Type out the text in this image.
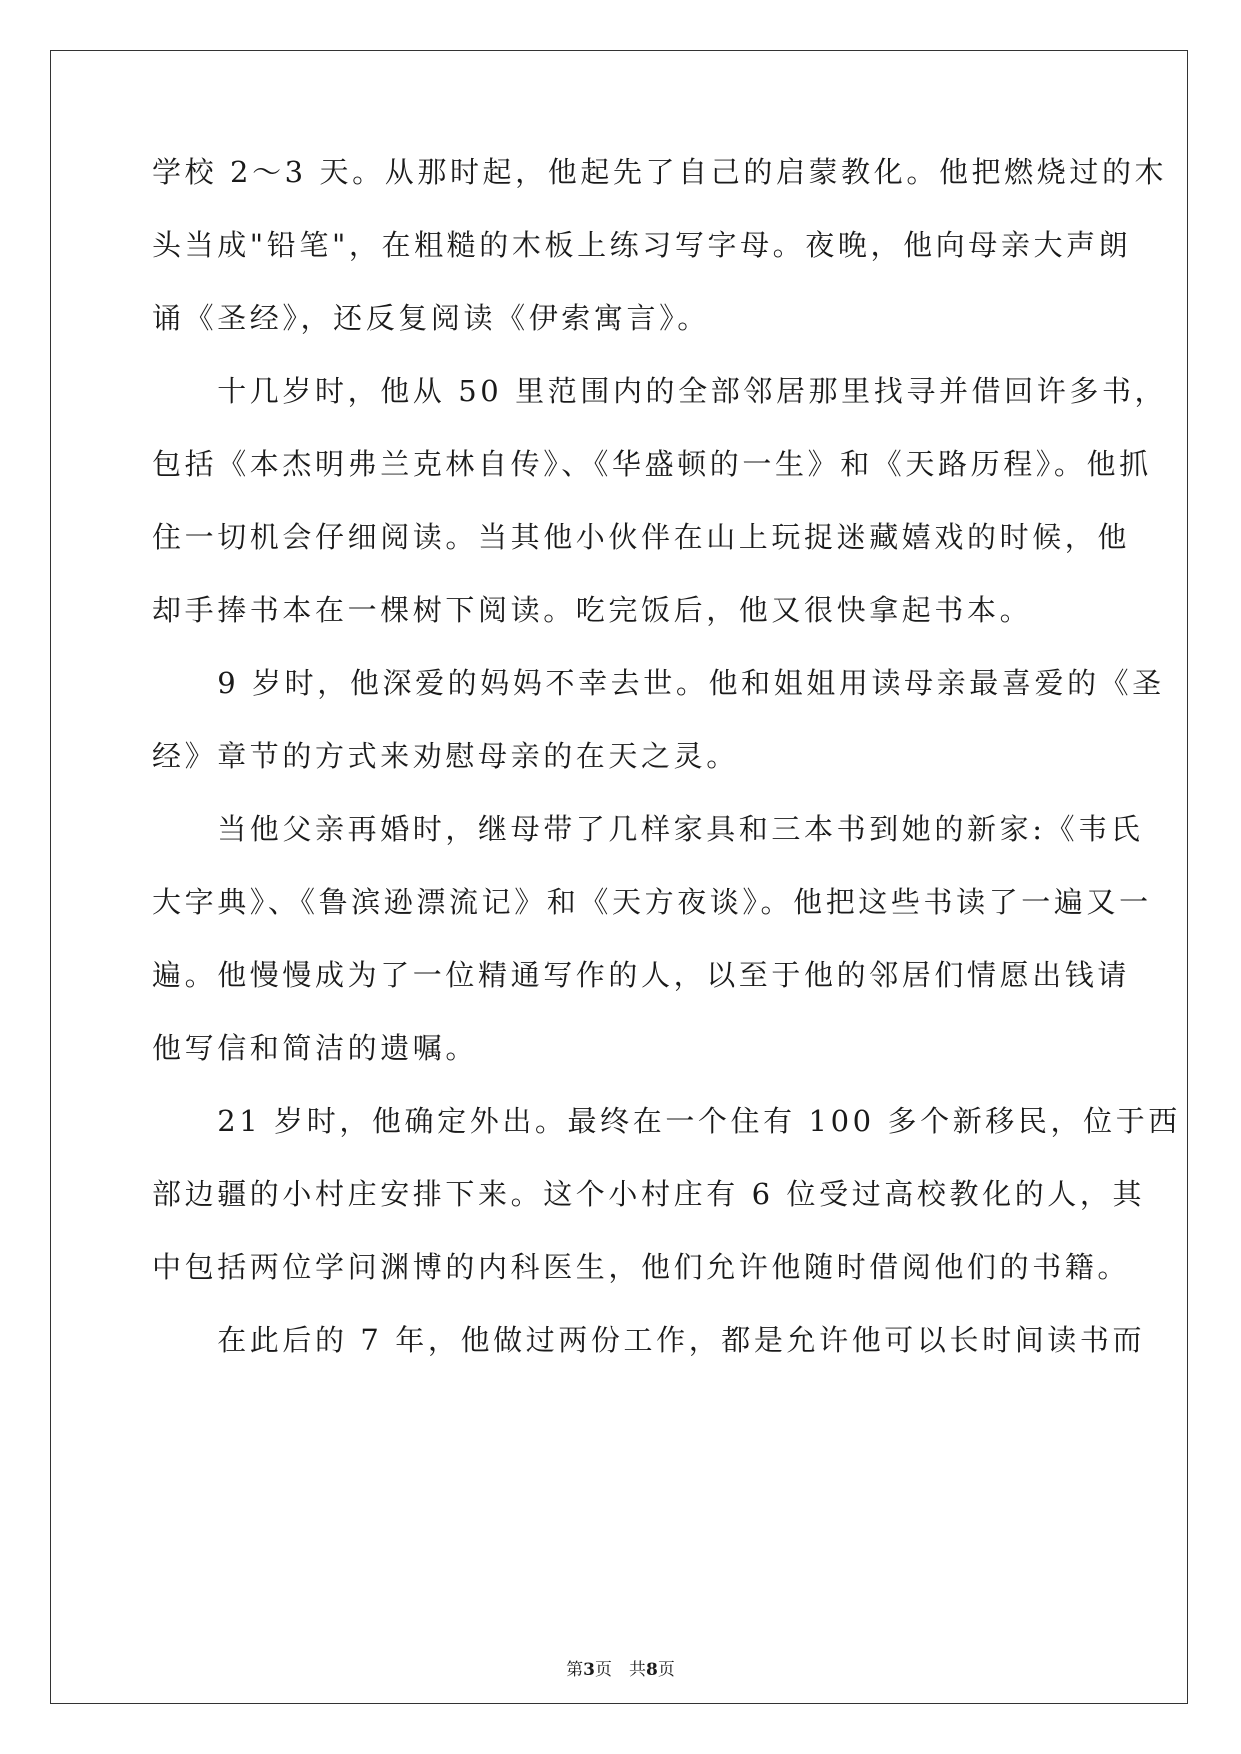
学校 2～3 天。从那时起，他起先了自己的启蒙教化。他把燃烧过的木
头当成"铅笔"，在粗糙的木板上练习写字母。夜晚，他向母亲大声朗
诵《圣经》，还反复阅读《伊索寓言》。
　　十几岁时，他从 50 里范围内的全部邻居那里找寻并借回许多书，
包括《本杰明弗兰克林自传》、《华盛顿的一生》和《天路历程》。他抓
住一切机会仔细阅读。当其他小伙伴在山上玩捉迷藏嬉戏的时候，他
却手捧书本在一棵树下阅读。吃完饭后，他又很快拿起书本。
　　9 岁时，他深爱的妈妈不幸去世。他和姐姐用读母亲最喜爱的《圣
经》章节的方式来劝慰母亲的在天之灵。
　　当他父亲再婚时，继母带了几样家具和三本书到她的新家:《韦氏
大字典》、《鲁滨逊漂流记》和《天方夜谈》。他把这些书读了一遍又一
遍。他慢慢成为了一位精通写作的人，以至于他的邻居们情愿出钱请
他写信和简洁的遗嘱。
　　21 岁时，他确定外出。最终在一个住有 100 多个新移民，位于西
部边疆的小村庄安排下来。这个小村庄有 6 位受过高校教化的人，其
中包括两位学问渊博的内科医生，他们允许他随时借阅他们的书籍。
　　在此后的 7 年，他做过两份工作，都是允许他可以长时间读书而
第3页　共8页
